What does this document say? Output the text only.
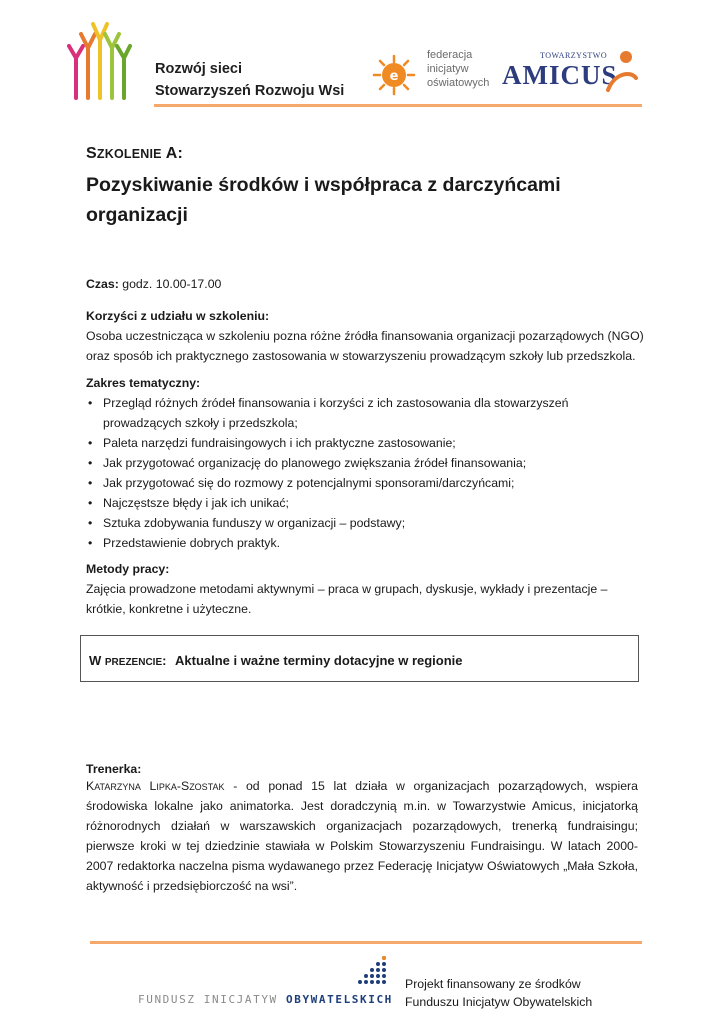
Rozwój sieci
Stowarzyszeń Rozwoju Wsi
e
federacja
inicjatyw
oświatowych
TOWARZYSTWO
AMICUS
SZKOLENIE A:
Pozyskiwanie środków i współpraca z darczyńcami organizacji
Czas: godz. 10.00-17.00
Korzyści z udziału w szkoleniu:
Osoba uczestnicząca w szkoleniu pozna różne źródła finansowania organizacji pozarządowych (NGO) oraz sposób ich praktycznego zastosowania w stowarzyszeniu prowadzącym szkoły lub przedszkola.
Zakres tematyczny:
• Przegląd różnych źródeł finansowania i korzyści z ich zastosowania dla stowarzyszeń prowadzących szkoły i przedszkola;
• Paleta narzędzi fundraisingowych i ich praktyczne zastosowanie;
• Jak przygotować organizację do planowego zwiększania źródeł finansowania;
• Jak przygotować się do rozmowy z potencjalnymi sponsorami/darczyńcami;
• Najczęstsze błędy i jak ich unikać;
• Sztuka zdobywania funduszy w organizacji – podstawy;
• Przedstawienie dobrych praktyk.
Metody pracy:
Zajęcia prowadzone metodami aktywnymi – praca w grupach, dyskusje, wykłady i prezentacje – krótkie, konkretne i użyteczne.
W PREZENCIE: Aktualne i ważne terminy dotacyjne w regionie
Trenerka:
Katarzyna Lipka-Szostak - od ponad 15 lat działa w organizacjach pozarządowych, wspiera środowiska lokalne jako animatorka. Jest doradczynią m.in. w Towarzystwie Amicus, inicjatorką różnorodnych działań w warszawskich organizacjach pozarządowych, trenerką fundraisingu; pierwsze kroki w tej dziedzinie stawiała w Polskim Stowarzyszeniu Fundraisingu. W latach 2000-2007 redaktorka naczelna pisma wydawanego przez Federację Inicjatyw Oświatowych „Mała Szkoła, aktywność i przedsiębiorczość na wsi”.
FUNDUSZ INICJATYW OBYWATELSKICH
Projekt finansowany ze środków
Funduszu Inicjatyw Obywatelskich
